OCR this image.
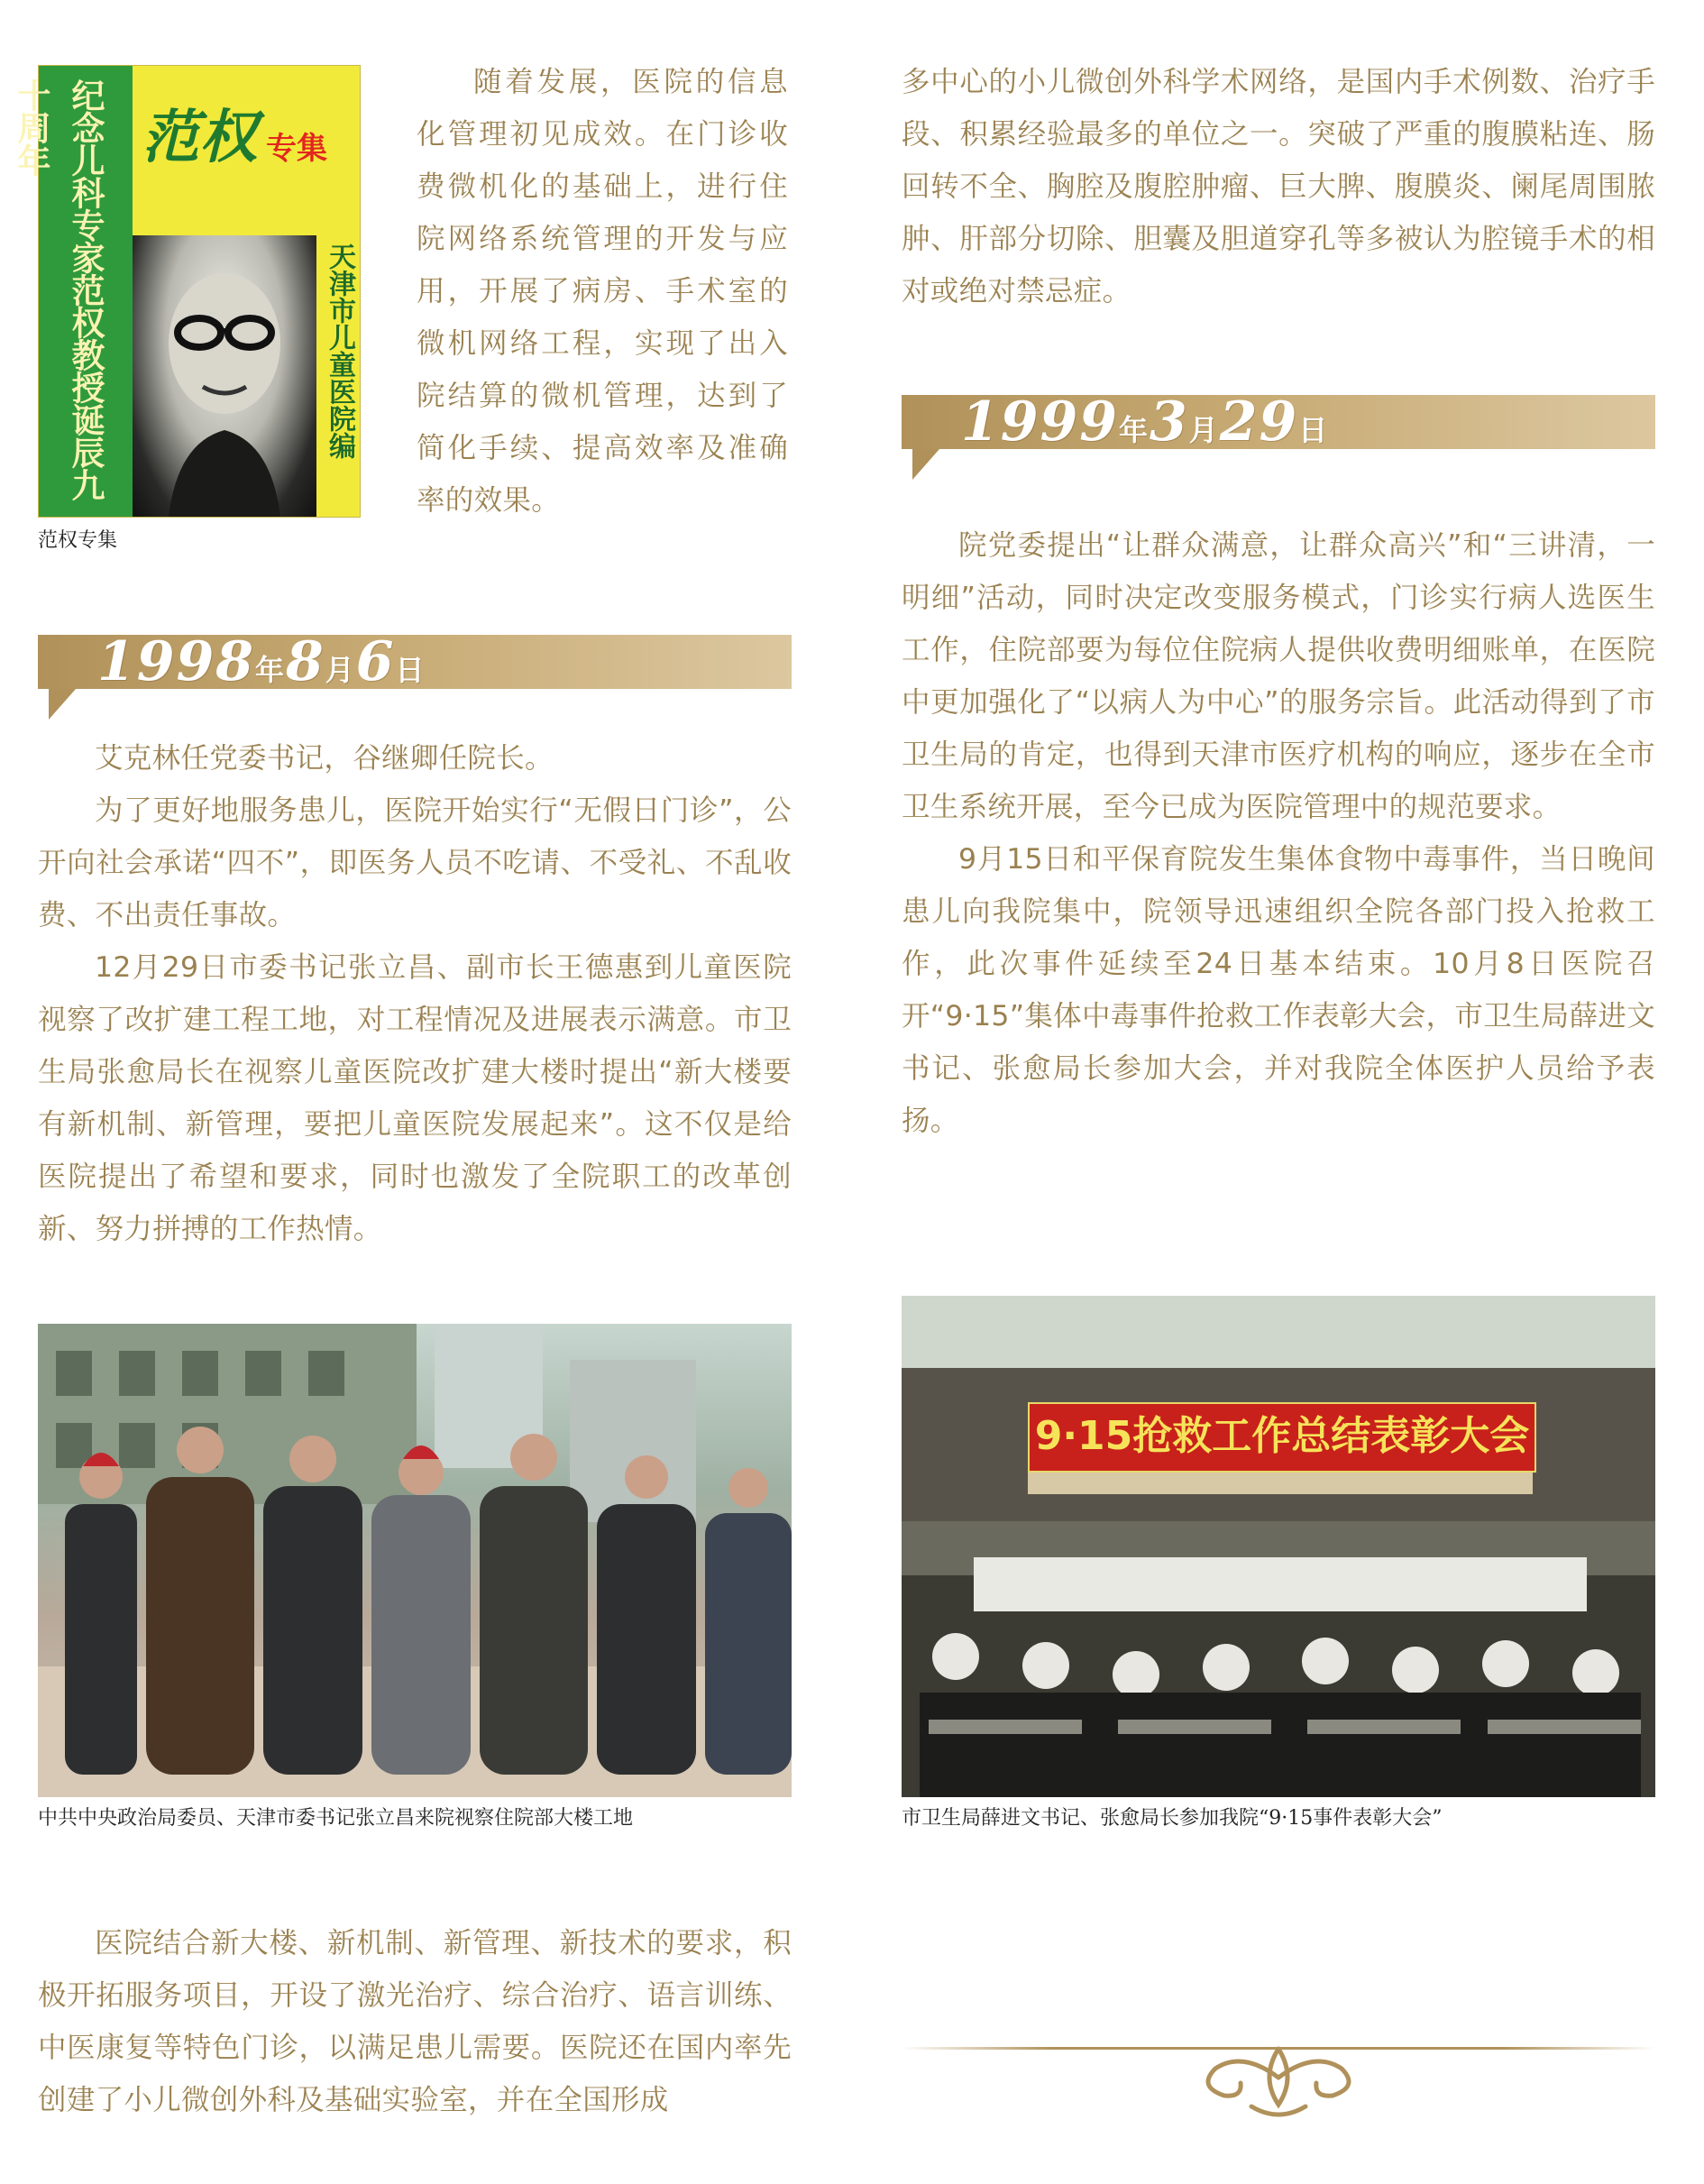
纪念儿科专家范权教授诞辰九十周年	范权 专集
天津市儿童医院编

范权专集

随着发展，医院的信息化管理初见成效。在门诊收费微机化的基础上，进行住院网络系统管理的开发与应用，开展了病房、手术室的微机网络工程，实现了出入院结算的微机管理，达到了简化手续、提高效率及准确率的效果。
1998年8月6日
艾克林任党委书记，谷继卿任院长。
为了更好地服务患儿，医院开始实行“无假日门诊”，公开向社会承诺“四不”，即医务人员不吃请、不受礼、不乱收费、不出责任事故。
12月29日市委书记张立昌、副市长王德惠到儿童医院视察了改扩建工程工地，对工程情况及进展表示满意。市卫生局张愈局长在视察儿童医院改扩建大楼时提出“新大楼要有新机制、新管理，要把儿童医院发展起来”。这不仅是给医院提出了希望和要求，同时也激发了全院职工的改革创新、努力拼搏的工作热情。

中共中央政治局委员、天津市委书记张立昌来院视察住院部大楼工地

医院结合新大楼、新机制、新管理、新技术的要求，积极开拓服务项目，开设了激光治疗、综合治疗、语言训练、中医康复等特色门诊，以满足患儿需要。医院还在国内率先创建了小儿微创外科及基础实验室，并在全国形成
多中心的小儿微创外科学术网络，是国内手术例数、治疗手段、积累经验最多的单位之一。突破了严重的腹膜粘连、肠回转不全、胸腔及腹腔肿瘤、巨大脾、腹膜炎、阑尾周围脓肿、肝部分切除、胆囊及胆道穿孔等多被认为腔镜手术的相对或绝对禁忌症。
1999年3月29日
院党委提出“让群众满意，让群众高兴”和“三讲清，一明细”活动，同时决定改变服务模式，门诊实行病人选医生工作，住院部要为每位住院病人提供收费明细账单，在医院中更加强化了“以病人为中心”的服务宗旨。此活动得到了市卫生局的肯定，也得到天津市医疗机构的响应，逐步在全市卫生系统开展，至今已成为医院管理中的规范要求。
9月15日和平保育院发生集体食物中毒事件，当日晚间患儿向我院集中，院领导迅速组织全院各部门投入抢救工作，此次事件延续至24日基本结束。10月8日医院召开“9·15”集体中毒事件抢救工作表彰大会，市卫生局薛进文书记、张愈局长参加大会，并对我院全体医护人员给予表扬。
9·15抢救工作总结表彰大会

市卫生局薛进文书记、张愈局长参加我院“9·15事件表彰大会”
